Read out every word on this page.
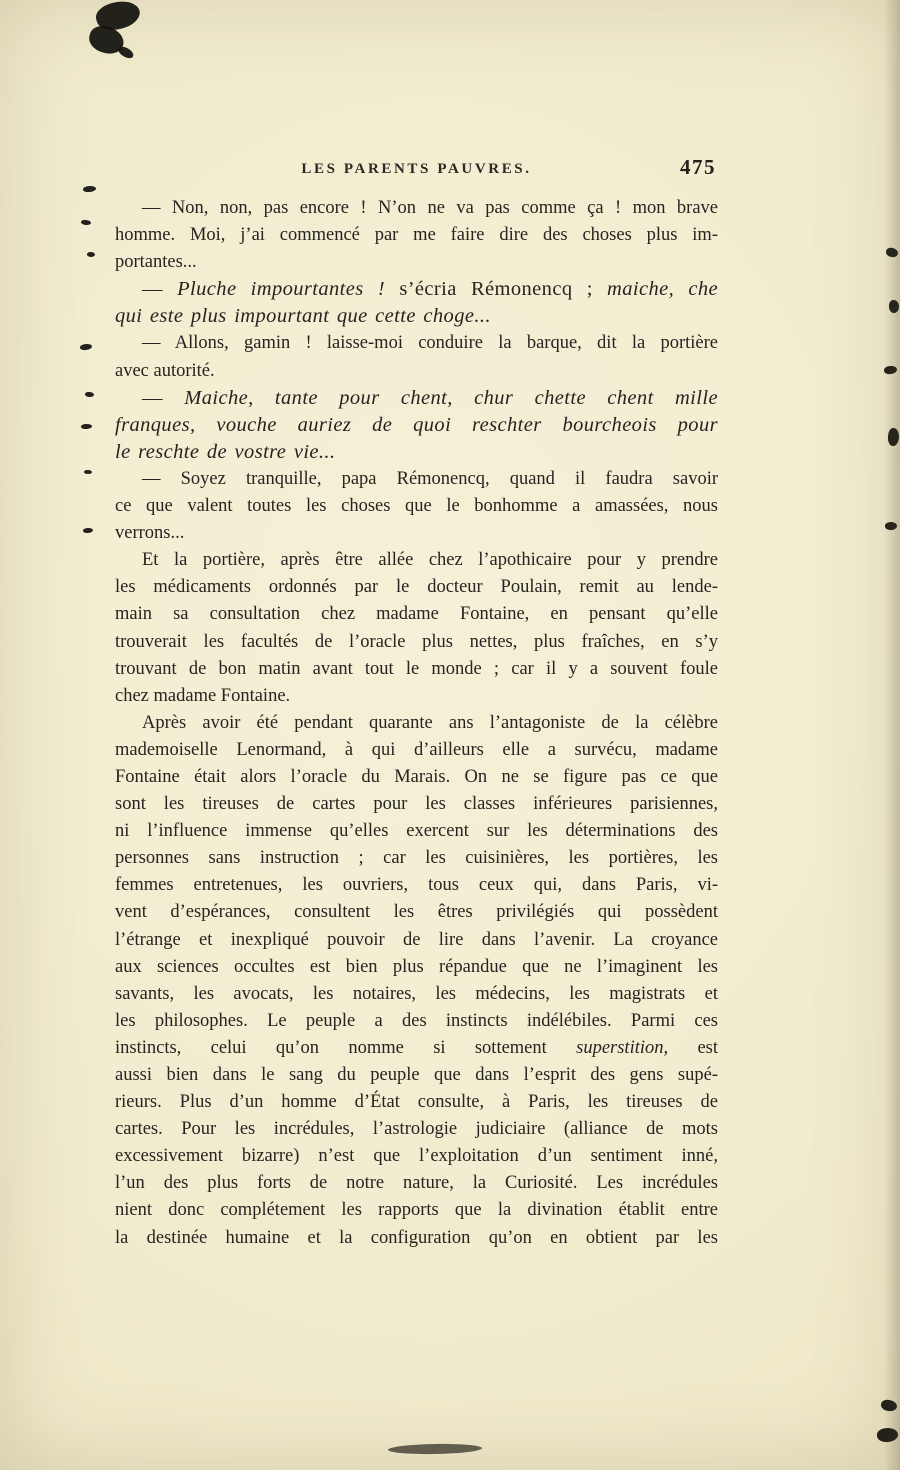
LES PARENTS PAUVRES.	475
— Non, non, pas encore ! N’on ne va pas comme ça ! mon brave
homme. Moi, j’ai commencé par me faire dire des choses plus im-
portantes...
— Pluche impourtantes ! s’écria Rémonencq ; maiche, che
qui este plus impourtant que cette choge...
— Allons, gamin ! laisse-moi conduire la barque, dit la portière
avec autorité.
— Maiche, tante pour chent, chur chette chent mille
franques, vouche auriez de quoi reschter bourcheois pour
le reschte de vostre vie...
— Soyez tranquille, papa Rémonencq, quand il faudra savoir
ce que valent toutes les choses que le bonhomme a amassées, nous
verrons...
Et la portière, après être allée chez l’apothicaire pour y prendre
les médicaments ordonnés par le docteur Poulain, remit au lende-
main sa consultation chez madame Fontaine, en pensant qu’elle
trouverait les facultés de l’oracle plus nettes, plus fraîches, en s’y
trouvant de bon matin avant tout le monde ; car il y a souvent foule
chez madame Fontaine.
Après avoir été pendant quarante ans l’antagoniste de la célèbre
mademoiselle Lenormand, à qui d’ailleurs elle a survécu, madame
Fontaine était alors l’oracle du Marais. On ne se figure pas ce que
sont les tireuses de cartes pour les classes inférieures parisiennes,
ni l’influence immense qu’elles exercent sur les déterminations des
personnes sans instruction ; car les cuisinières, les portières, les
femmes entretenues, les ouvriers, tous ceux qui, dans Paris, vi-
vent d’espérances, consultent les êtres privilégiés qui possèdent
l’étrange et inexpliqué pouvoir de lire dans l’avenir. La croyance
aux sciences occultes est bien plus répandue que ne l’imaginent les
savants, les avocats, les notaires, les médecins, les magistrats et
les philosophes. Le peuple a des instincts indélébiles. Parmi ces
instincts, celui qu’on nomme si sottement superstition, est
aussi bien dans le sang du peuple que dans l’esprit des gens supé-
rieurs. Plus d’un homme d’État consulte, à Paris, les tireuses de
cartes. Pour les incrédules, l’astrologie judiciaire (alliance de mots
excessivement bizarre) n’est que l’exploitation d’un sentiment inné,
l’un des plus forts de notre nature, la Curiosité. Les incrédules
nient donc complétement les rapports que la divination établit entre
la destinée humaine et la configuration qu’on en obtient par les
